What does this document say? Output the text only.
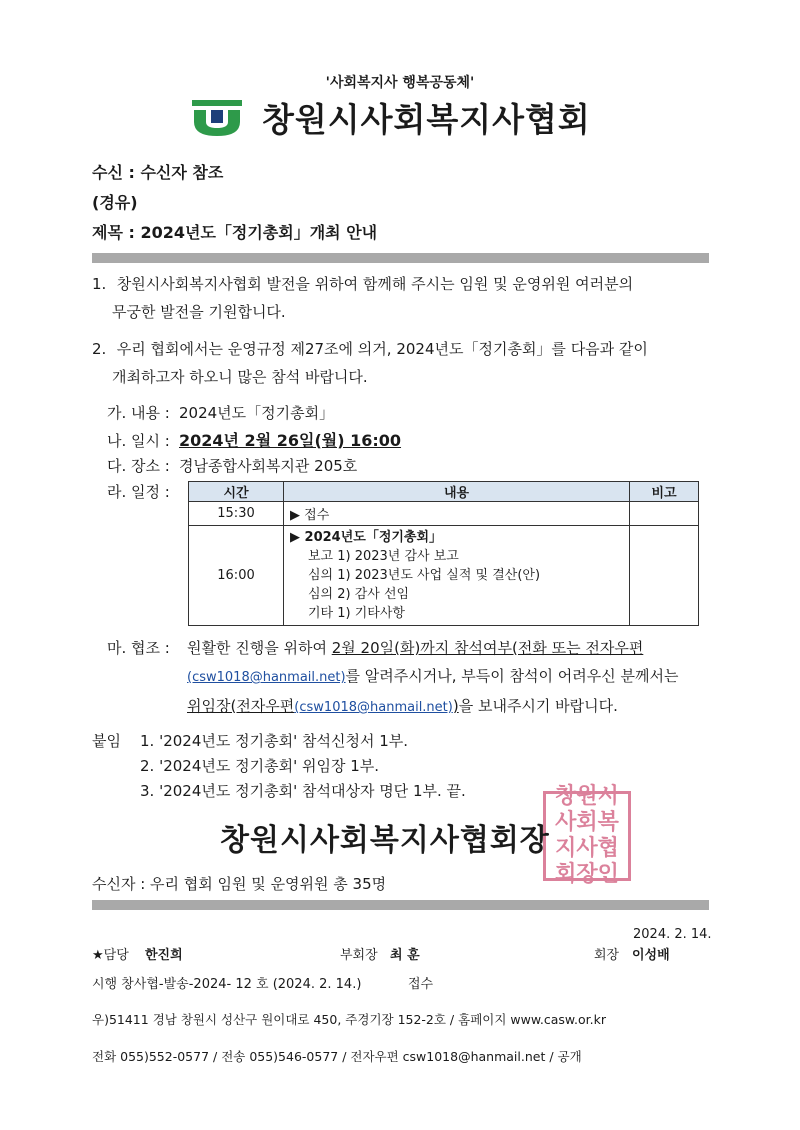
'사회복지사 행복공동체'
창원시사회복지사협회
수신 : 수신자 참조
(경유)
제목 : 2024년도「정기총회」개최 안내
1. 창원시사회복지사협회 발전을 위하여 함께해 주시는 임원 및 운영위원 여러분의
무궁한 발전을 기원합니다.
2. 우리 협회에서는 운영규정 제27조에 의거, 2024년도「정기총회」를 다음과 같이
개최하고자 하오니 많은 참석 바랍니다.
가. 내용 : 2024년도「정기총회」
나. 일시 : 2024년 2월 26일(월) 16:00
다. 장소 : 경남종합사회복지관 205호
라. 일정 :	시간	내용	비고
15:30	▶ 접수	
16:00	▶ 2024년도「정기총회」
보고 1) 2023년 감사 보고
심의 1) 2023년도 사업 실적 및 결산(안)
심의 2) 감사 선임
기타 1) 기타사항	

마. 협조 : 원활한 진행을 위하여 2월 20일(화)까지 참석여부(전화 또는 전자우편
(csw1018@hanmail.net)를 알려주시거나, 부득이 참석이 어려우신 분께서는
위임장(전자우편(csw1018@hanmail.net))을 보내주시기 바랍니다.
붙임 1. '2024년도 정기총회' 참석신청서 1부.
2. '2024년도 정기총회' 위임장 1부.
3. '2024년도 정기총회' 참석대상자 명단 1부. 끝.	창원시사회복지사협회장인
창원시사회복지사협회장
수신자 : 우리 협회 임원 및 운영위원 총 35명
2024. 2. 14.
★담당 한진희	부회장 최 훈	회장 이성배
시행 창사협-발송-2024- 12 호 (2024. 2. 14.)	접수
우)51411 경남 창원시 성산구 원이대로 450, 주경기장 152-2호 / 홈페이지 www.casw.or.kr
전화 055)552-0577 / 전송 055)546-0577 / 전자우편 csw1018@hanmail.net / 공개
